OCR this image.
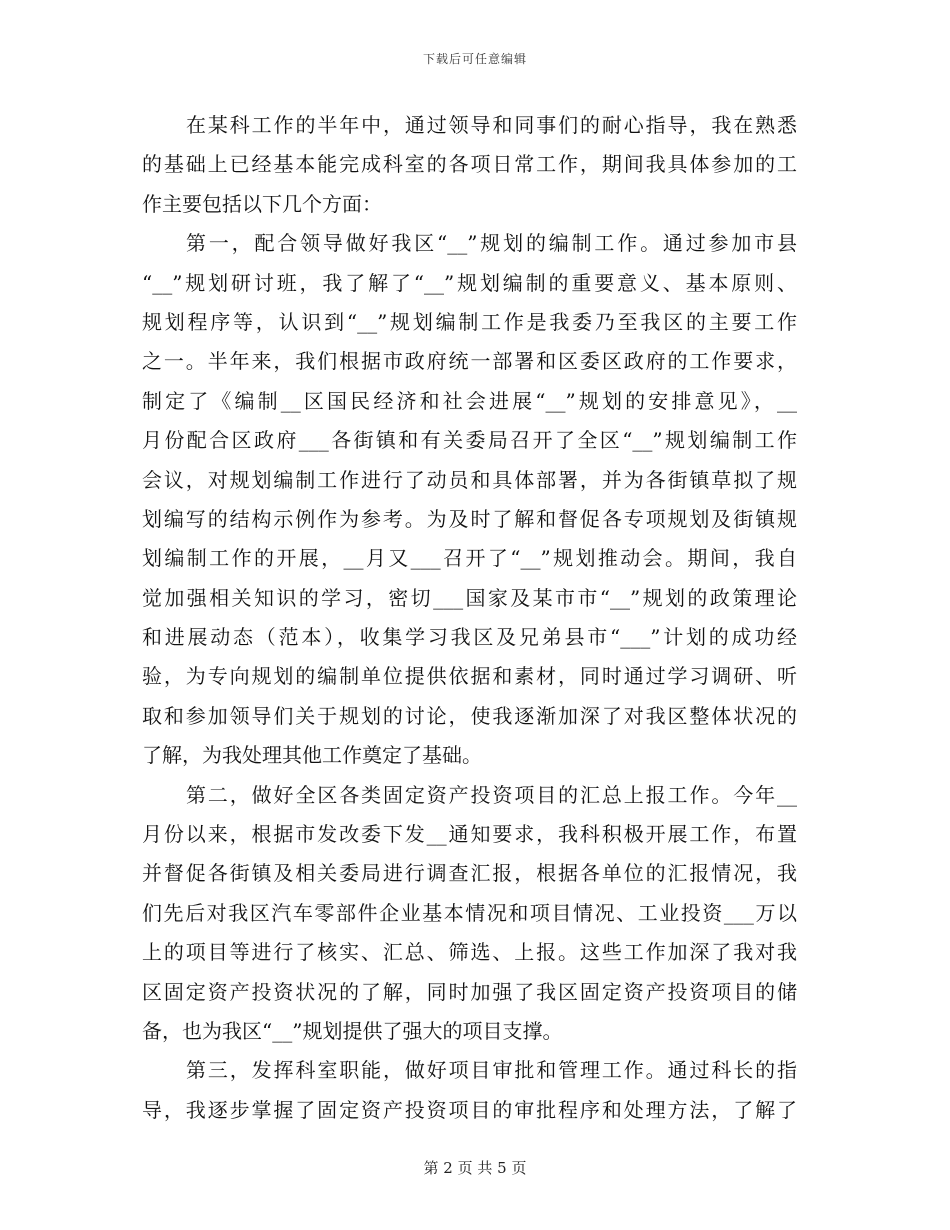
下载后可任意编辑
在某科工作的半年中，通过领导和同事们的耐心指导，我在熟悉
的基础上已经基本能完成科室的各项日常工作，期间我具体参加的工
作主要包括以下几个方面：
第一，配合领导做好我区“__”规划的编制工作。通过参加市县
“__”规划研讨班，我了解了“__”规划编制的重要意义、基本原则、
规划程序等，认识到“__”规划编制工作是我委乃至我区的主要工作
之一。半年来，我们根据市政府统一部署和区委区政府的工作要求，
制定了《编制__区国民经济和社会进展“__”规划的安排意见》，__
月份配合区政府___各街镇和有关委局召开了全区“__”规划编制工作
会议，对规划编制工作进行了动员和具体部署，并为各街镇草拟了规
划编写的结构示例作为参考。为及时了解和督促各专项规划及街镇规
划编制工作的开展，__月又___召开了“__”规划推动会。期间，我自
觉加强相关知识的学习，密切___国家及某市市“__”规划的政策理论
和进展动态（范本），收集学习我区及兄弟县市“___”计划的成功经
验，为专向规划的编制单位提供依据和素材，同时通过学习调研、听
取和参加领导们关于规划的讨论，使我逐渐加深了对我区整体状况的
了解，为我处理其他工作奠定了基础。
第二，做好全区各类固定资产投资项目的汇总上报工作。今年__
月份以来，根据市发改委下发__通知要求，我科积极开展工作，布置
并督促各街镇及相关委局进行调查汇报，根据各单位的汇报情况，我
们先后对我区汽车零部件企业基本情况和项目情况、工业投资___万以
上的项目等进行了核实、汇总、筛选、上报。这些工作加深了我对我
区固定资产投资状况的了解，同时加强了我区固定资产投资项目的储
备，也为我区“__”规划提供了强大的项目支撑。
第三，发挥科室职能，做好项目审批和管理工作。通过科长的指
导，我逐步掌握了固定资产投资项目的审批程序和处理方法，了解了
第 2 页 共 5 页
